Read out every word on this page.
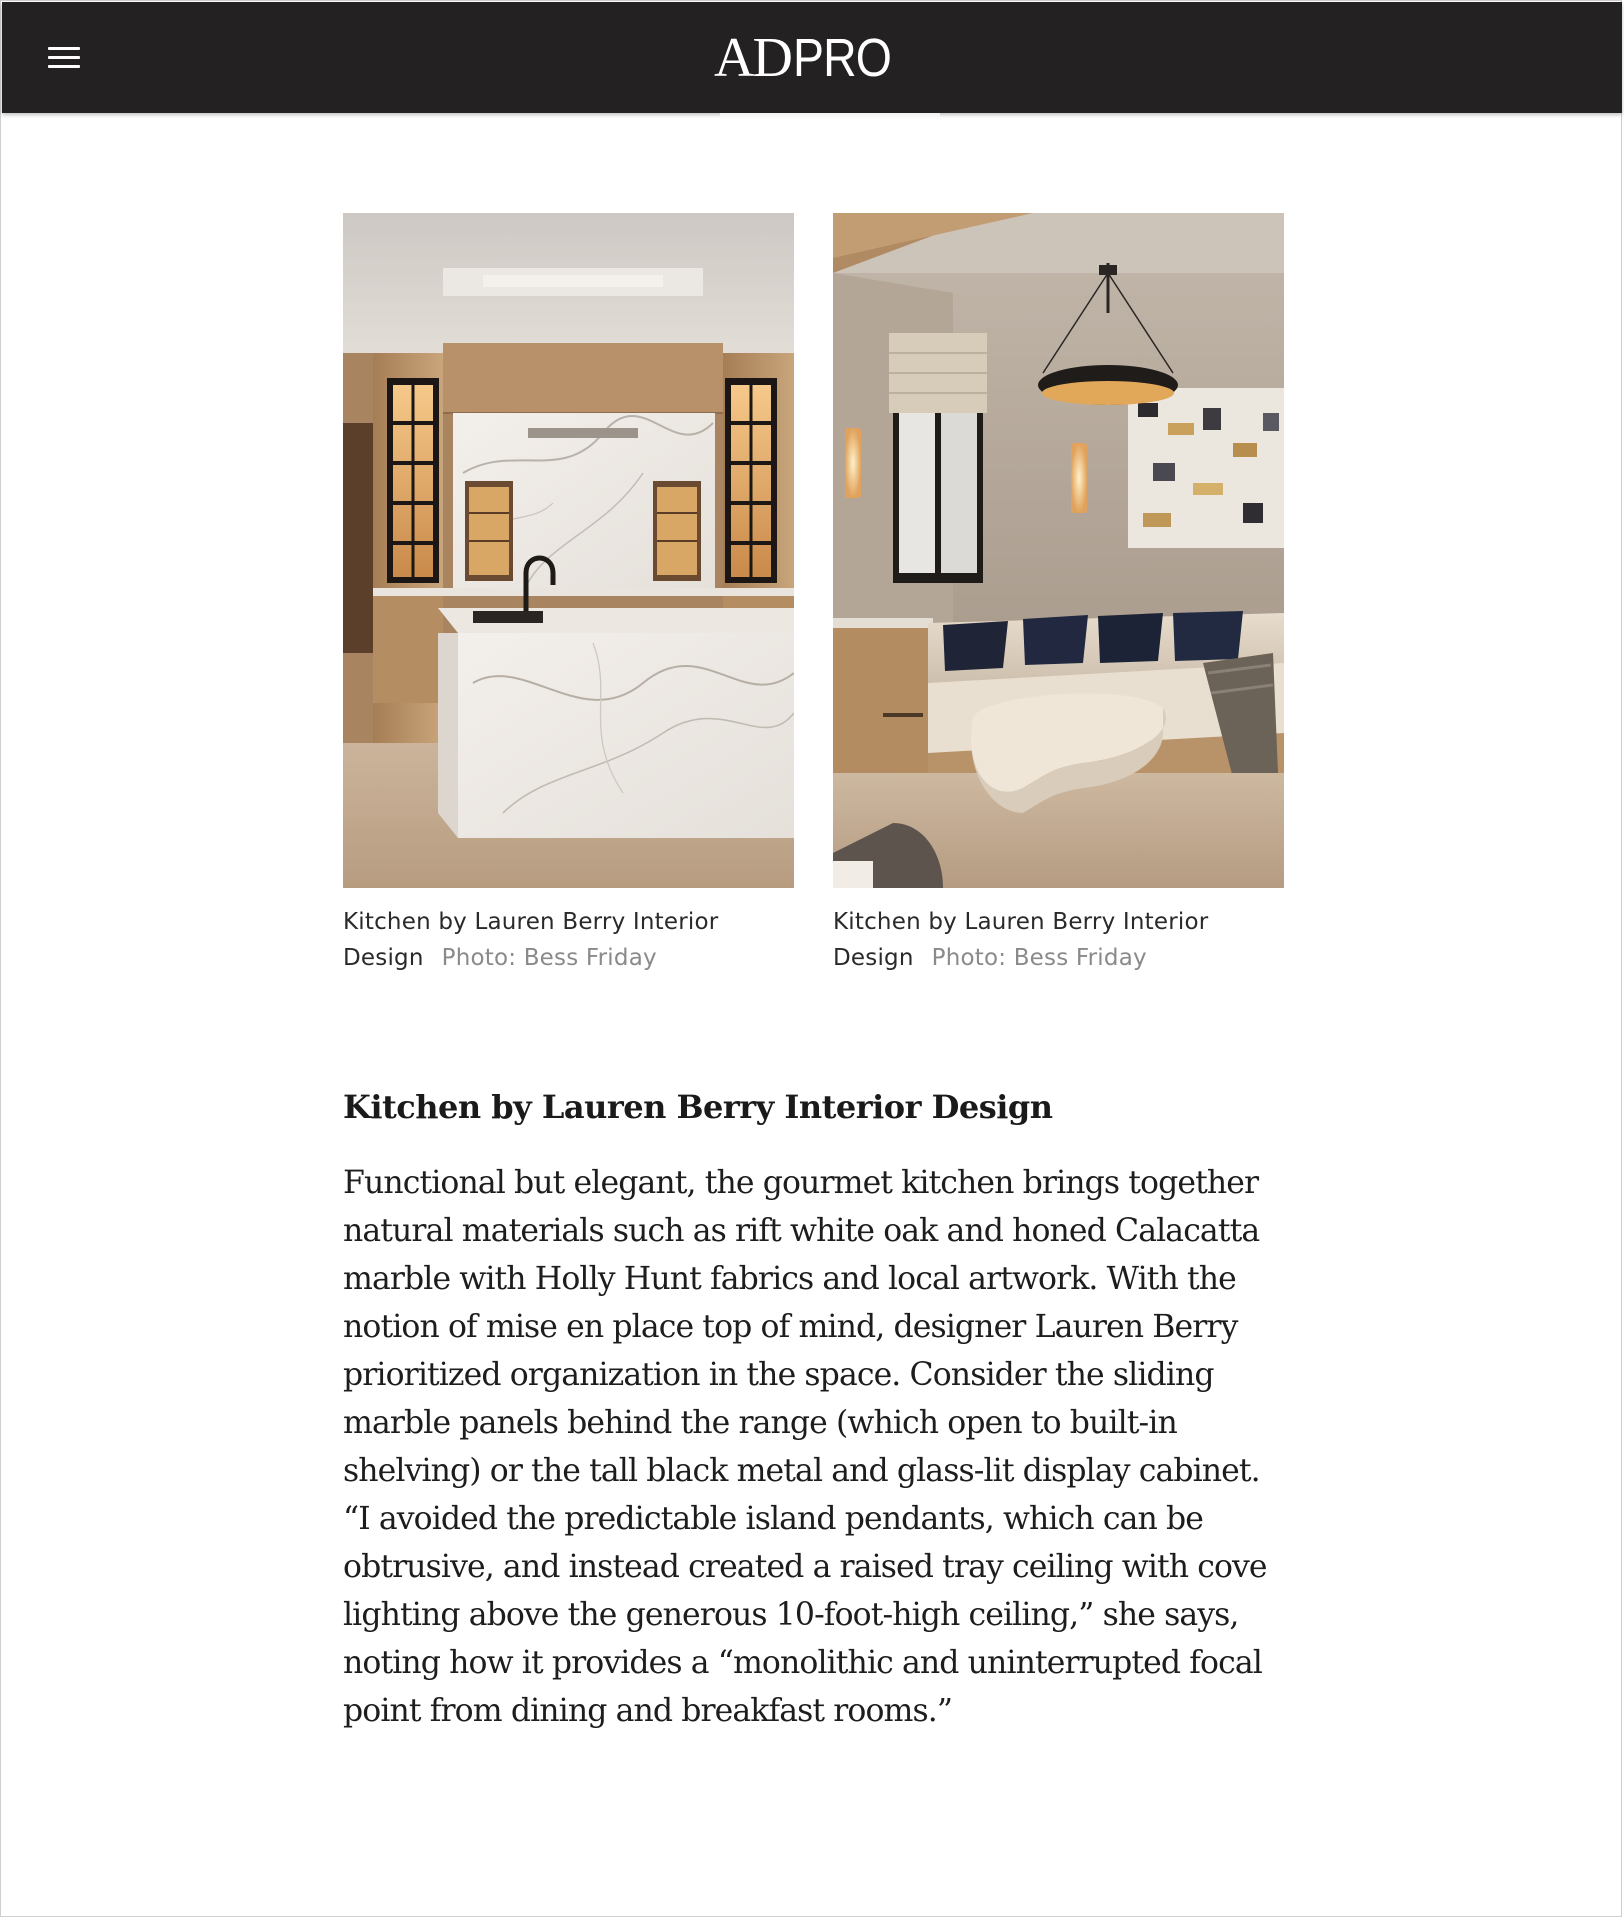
AD PRO
Kitchen by Lauren Berry Interior Design Photo: Bess Friday
Kitchen by Lauren Berry Interior Design Photo: Bess Friday
Kitchen by Lauren Berry Interior Design

Functional but elegant, the gourmet kitchen brings together natural materials such as rift white oak and honed Calacatta marble with Holly Hunt fabrics and local artwork. With the notion of mise en place top of mind, designer Lauren Berry prioritized organization in the space. Consider the sliding marble panels behind the range (which open to built-in shelving) or the tall black metal and glass-lit display cabinet. “I avoided the predictable island pendants, which can be obtrusive, and instead created a raised tray ceiling with cove lighting above the generous 10-foot-high ceiling,” she says, noting how it provides a “monolithic and uninterrupted focal point from dining and breakfast rooms.”
